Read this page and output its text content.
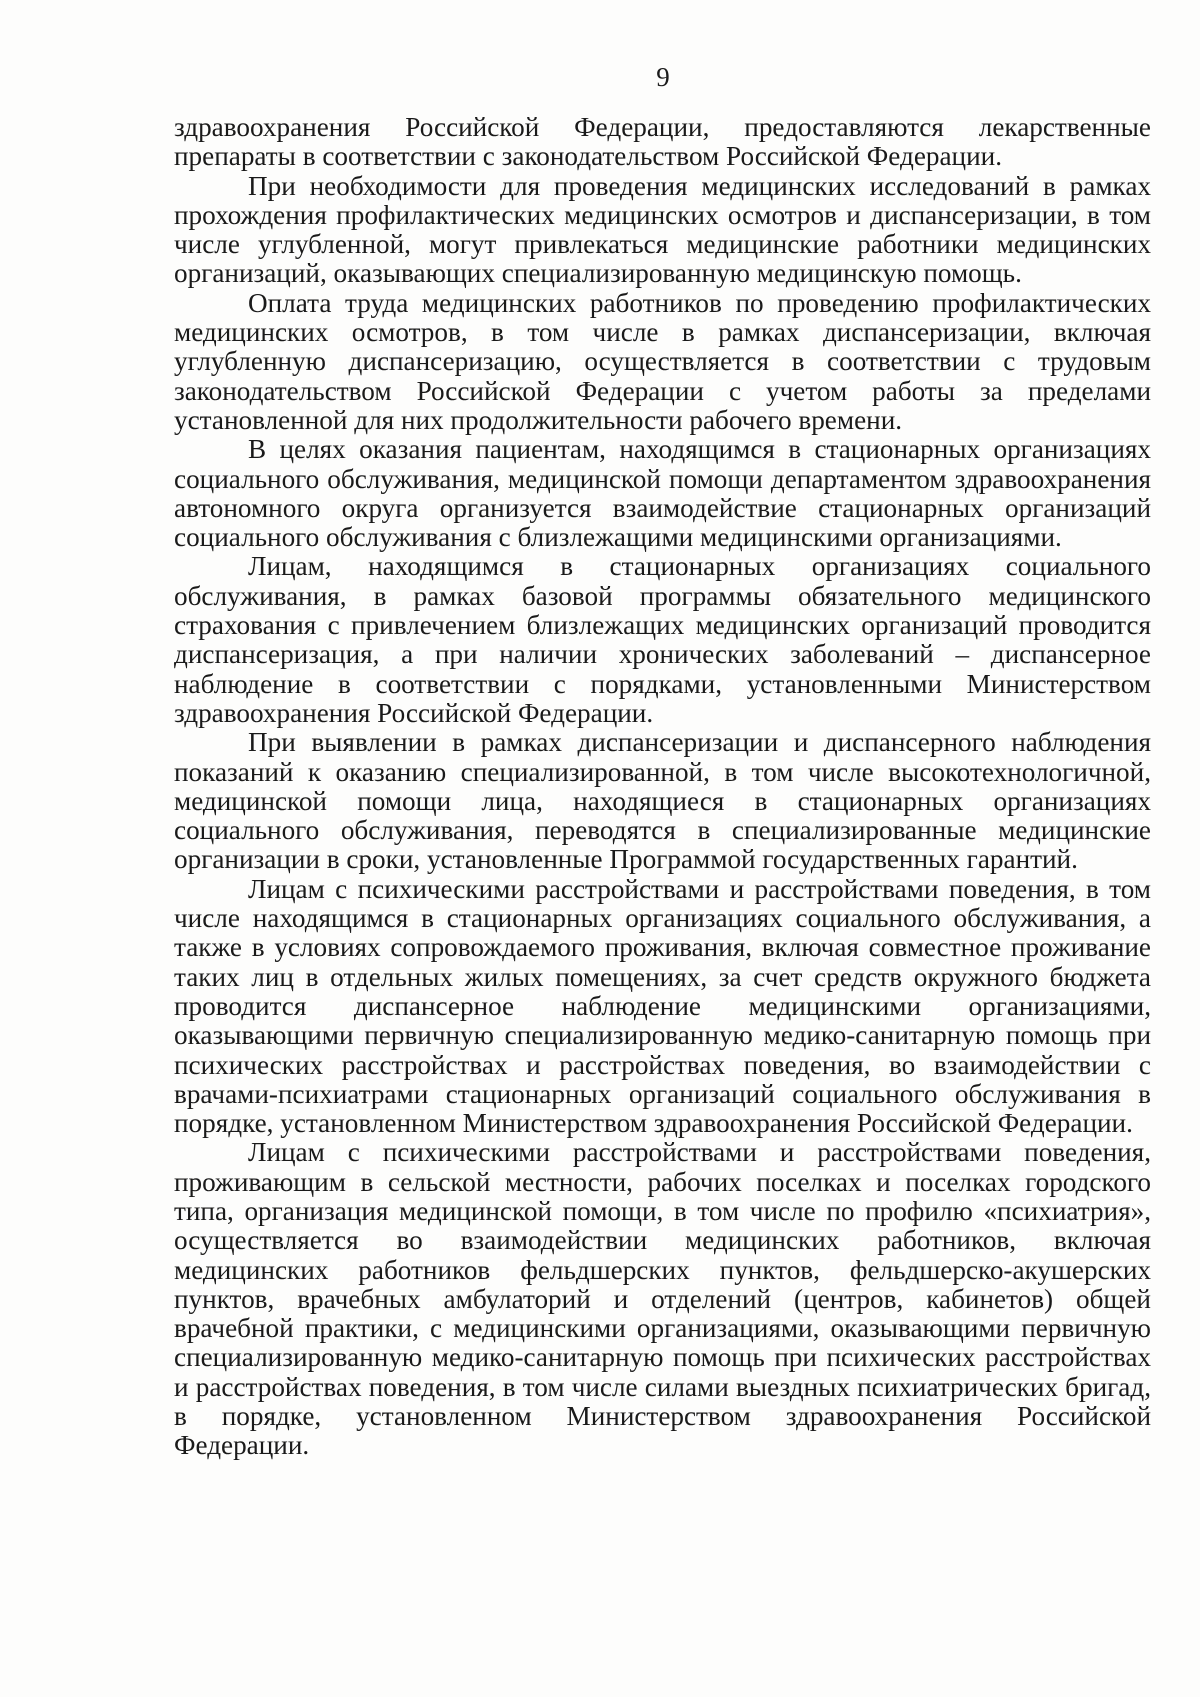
9

здравоохранения Российской Федерации, предоставляются лекарственные препараты в соответствии с законодательством Российской Федерации.

При необходимости для проведения медицинских исследований в рамках прохождения профилактических медицинских осмотров и диспансеризации, в том числе углубленной, могут привлекаться медицинские работники медицинских организаций, оказывающих специализированную медицинскую помощь.

Оплата труда медицинских работников по проведению профилактических медицинских осмотров, в том числе в рамках диспансеризации, включая углубленную диспансеризацию, осуществляется в соответствии с трудовым законодательством Российской Федерации с учетом работы за пределами установленной для них продолжительности рабочего времени.

В целях оказания пациентам, находящимся в стационарных организациях социального обслуживания, медицинской помощи департаментом здравоохранения автономного округа организуется взаимодействие стационарных организаций социального обслуживания с близлежащими медицинскими организациями.

Лицам, находящимся в стационарных организациях социального обслуживания, в рамках базовой программы обязательного медицинского страхования с привлечением близлежащих медицинских организаций проводится диспансеризация, а при наличии хронических заболеваний – диспансерное наблюдение в соответствии с порядками, установленными Министерством здравоохранения Российской Федерации.

При выявлении в рамках диспансеризации и диспансерного наблюдения показаний к оказанию специализированной, в том числе высокотехнологичной, медицинской помощи лица, находящиеся в стационарных организациях социального обслуживания, переводятся в специализированные медицинские организации в сроки, установленные Программой государственных гарантий.

Лицам с психическими расстройствами и расстройствами поведения, в том числе находящимся в стационарных организациях социального обслуживания, а также в условиях сопровождаемого проживания, включая совместное проживание таких лиц в отдельных жилых помещениях, за счет средств окружного бюджета проводится диспансерное наблюдение медицинскими организациями, оказывающими первичную специализированную медико-санитарную помощь при психических расстройствах и расстройствах поведения, во взаимодействии с врачами-психиатрами стационарных организаций социального обслуживания в порядке, установленном Министерством здравоохранения Российской Федерации.

Лицам с психическими расстройствами и расстройствами поведения, проживающим в сельской местности, рабочих поселках и поселках городского типа, организация медицинской помощи, в том числе по профилю «психиатрия», осуществляется во взаимодействии медицинских работников, включая медицинских работников фельдшерских пунктов, фельдшерско-акушерских пунктов, врачебных амбулаторий и отделений (центров, кабинетов) общей врачебной практики, с медицинскими организациями, оказывающими первичную специализированную медико-санитарную помощь при психических расстройствах и расстройствах поведения, в том числе силами выездных психиатрических бригад, в порядке, установленном Министерством здравоохранения Российской Федерации.
